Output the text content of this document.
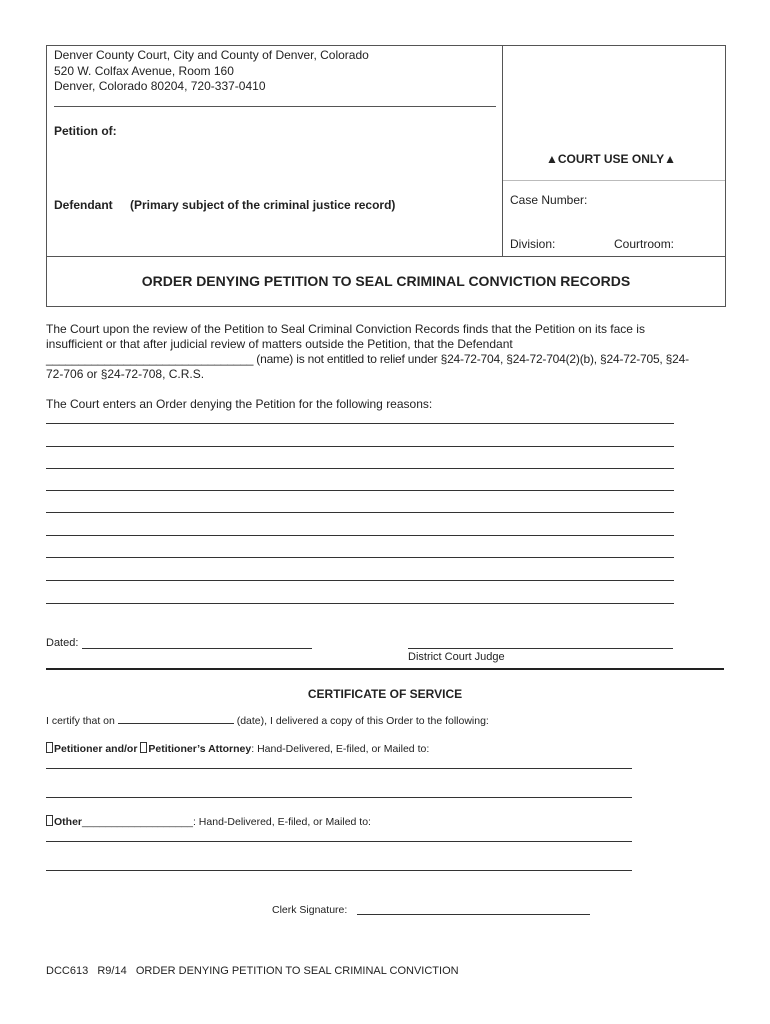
Denver County Court, City and County of Denver, Colorado
520 W. Colfax Avenue, Room 160
Denver, Colorado 80204, 720-337-0410
Petition of:
Defendant (Primary subject of the criminal justice record)
▲COURT USE ONLY▲
Case Number:
Division:	Courtroom:
ORDER DENYING PETITION TO SEAL CRIMINAL CONVICTION RECORDS
The Court upon the review of the Petition to Seal Criminal Conviction Records finds that the Petition on its face is
insufficient or that after judicial review of matters outside the Petition, that the Defendant
________________________________ (name) is not entitled to relief under §24-72-704, §24-72-704(2)(b), §24-72-705, §24-
72-706 or §24-72-708, C.R.S.
The Court enters an Order denying the Petition for the following reasons:
Dated:
District Court Judge
CERTIFICATE OF SERVICE
I certify that on	(date), I delivered a copy of this Order to the following:
Petitioner and/or Petitioner’s Attorney: Hand-Delivered, E-filed, or Mailed to:
Other___________________: Hand-Delivered, E-filed, or Mailed to:
Clerk Signature:
DCC613   R9/14   ORDER DENYING PETITION TO SEAL CRIMINAL CONVICTION
